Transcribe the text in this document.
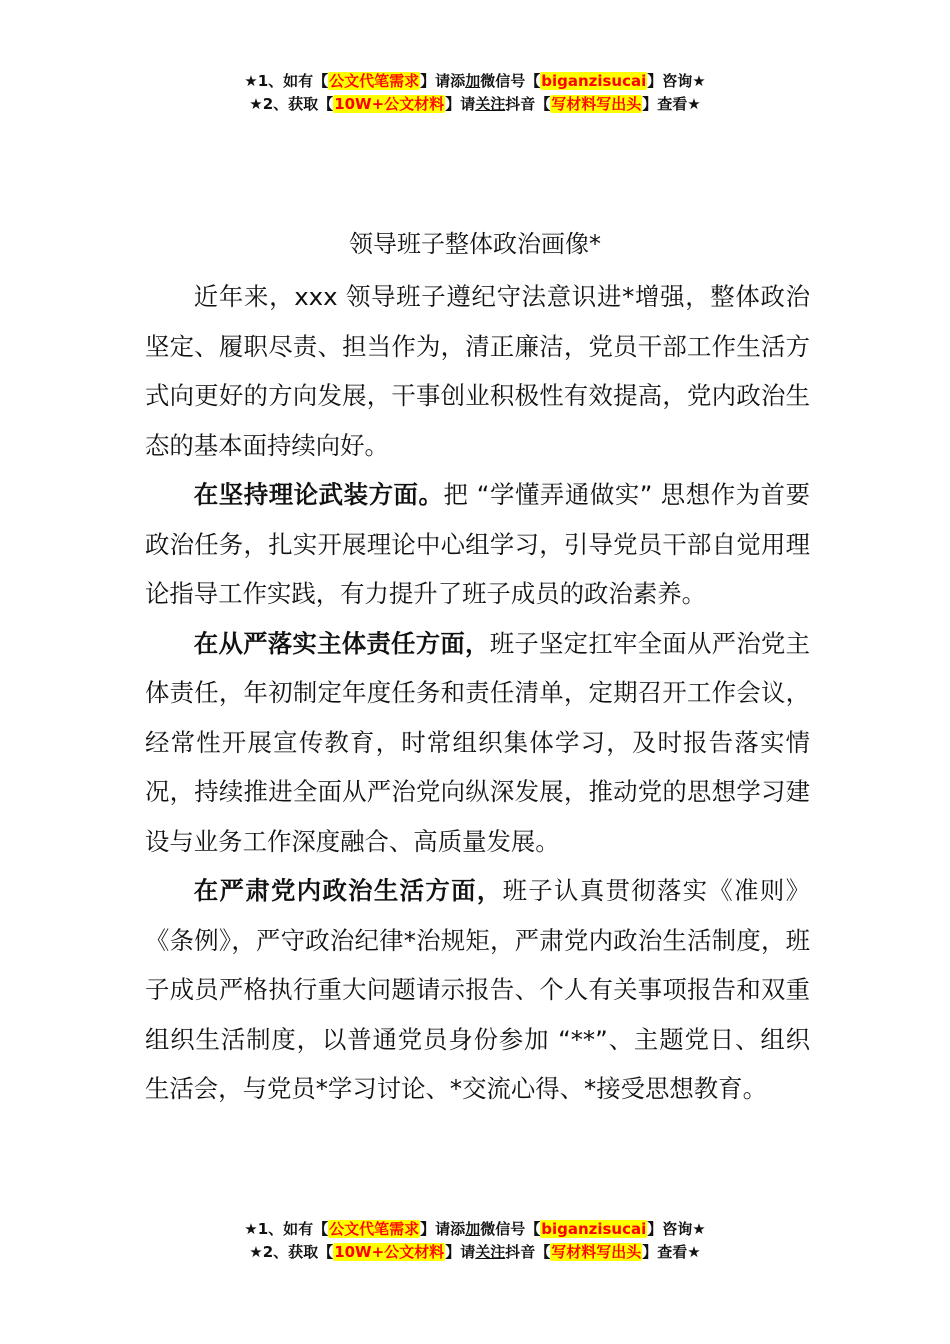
★1、如有【公文代笔需求】请添加微信号【biganzisucai】咨询★
★2、获取【10W+公文材料】请关注抖音【写材料写出头】查看★
领导班子整体政治画像*

近年来，xxx 领导班子遵纪守法意识进*增强，整体政治坚定、履职尽责、担当作为，清正廉洁，党员干部工作生活方式向更好的方向发展，干事创业积极性有效提高，党内政治生态的基本面持续向好。

在坚持理论武装方面。把 “学懂弄通做实” 思想作为首要政治任务，扎实开展理论中心组学习，引导党员干部自觉用理论指导工作实践，有力提升了班子成员的政治素养。

在从严落实主体责任方面，班子坚定扛牢全面从严治党主体责任，年初制定年度任务和责任清单，定期召开工作会议，经常性开展宣传教育，时常组织集体学习，及时报告落实情况，持续推进全面从严治党向纵深发展，推动党的思想学习建设与业务工作深度融合、高质量发展。

在严肃党内政治生活方面，班子认真贯彻落实《准则》《条例》，严守政治纪律*治规矩，严肃党内政治生活制度，班子成员严格执行重大问题请示报告、个人有关事项报告和双重组织生活制度，以普通党员身份参加 “**”、主题党日、组织生活会，与党员*学习讨论、*交流心得、*接受思想教育。

★1、如有【公文代笔需求】请添加微信号【biganzisucai】咨询★
★2、获取【10W+公文材料】请关注抖音【写材料写出头】查看★
